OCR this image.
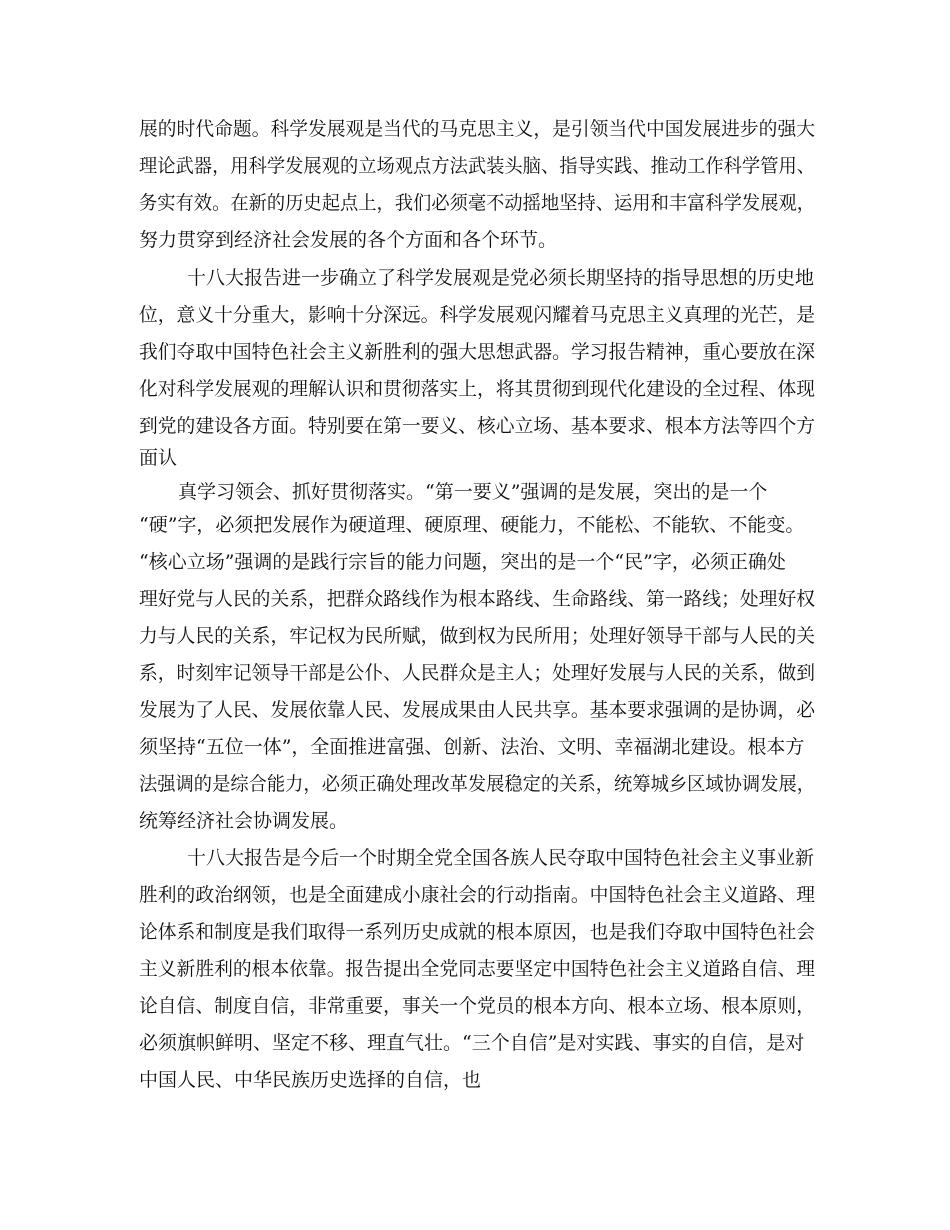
展的时代命题。科学发展观是当代的马克思主义，是引领当代中国发展进步的强大

理论武器，用科学发展观的立场观点方法武装头脑、指导实践、推动工作科学管用、

务实有效。在新的历史起点上，我们必须毫不动摇地坚持、运用和丰富科学发展观，

努力贯穿到经济社会发展的各个方面和各个环节。

十八大报告进一步确立了科学发展观是党必须长期坚持的指导思想的历史地

位，意义十分重大，影响十分深远。科学发展观闪耀着马克思主义真理的光芒，是

我们夺取中国特色社会主义新胜利的强大思想武器。学习报告精神，重心要放在深

化对科学发展观的理解认识和贯彻落实上，将其贯彻到现代化建设的全过程、体现

到党的建设各方面。特别要在第一要义、核心立场、基本要求、根本方法等四个方

面认

真学习领会、抓好贯彻落实。“第一要义”强调的是发展，突出的是一个

“硬”字，必须把发展作为硬道理、硬原理、硬能力，不能松、不能软、不能变。

“核心立场”强调的是践行宗旨的能力问题，突出的是一个“民”字，必须正确处

理好党与人民的关系，把群众路线作为根本路线、生命路线、第一路线；处理好权

力与人民的关系，牢记权为民所赋，做到权为民所用；处理好领导干部与人民的关

系，时刻牢记领导干部是公仆、人民群众是主人；处理好发展与人民的关系，做到

发展为了人民、发展依靠人民、发展成果由人民共享。基本要求强调的是协调，必

须坚持“五位一体”，全面推进富强、创新、法治、文明、幸福湖北建设。根本方

法强调的是综合能力，必须正确处理改革发展稳定的关系，统筹城乡区域协调发展，

统筹经济社会协调发展。

十八大报告是今后一个时期全党全国各族人民夺取中国特色社会主义事业新

胜利的政治纲领，也是全面建成小康社会的行动指南。中国特色社会主义道路、理

论体系和制度是我们取得一系列历史成就的根本原因，也是我们夺取中国特色社会

主义新胜利的根本依靠。报告提出全党同志要坚定中国特色社会主义道路自信、理

论自信、制度自信，非常重要，事关一个党员的根本方向、根本立场、根本原则，

必须旗帜鲜明、坚定不移、理直气壮。“三个自信”是对实践、事实的自信，是对

中国人民、中华民族历史选择的自信，也
